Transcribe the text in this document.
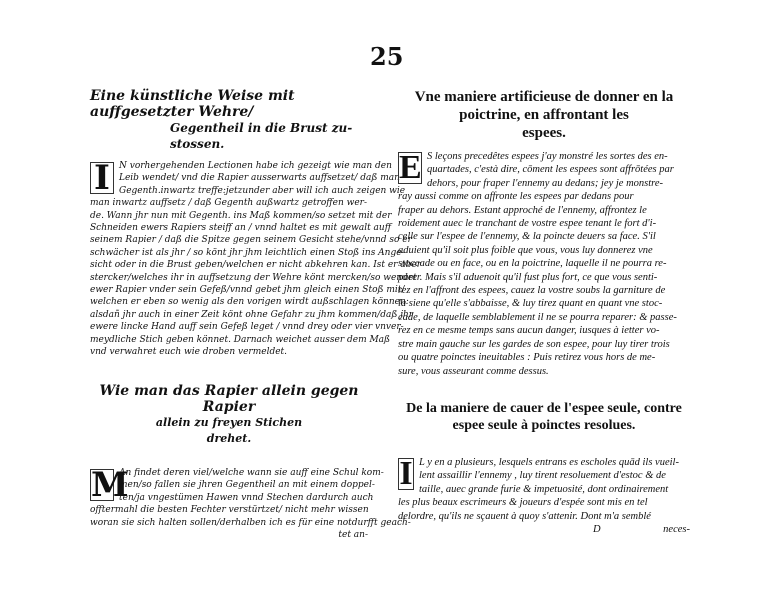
25
Eine künstliche Weise mit auffgesetzter Wehre/
Gegentheil in die Brust zu-
stossen.
I	N vorhergehenden Lectionen habe ich gezeigt wie man den
Leib wendet/ vnd die Rapier ausserwarts auffsetzet/ daß man
Gegenth.inwartz treffe:jetzunder aber will ich auch zeigen wie
man inwartz auffsetz / daß Gegenth außwartz getroffen wer-
de. Wann jhr nun mit Gegenth. ins Maß kommen/so setzet mit der
Schneiden ewers Rapiers steiff an / vnnd haltet es mit gewalt auff
seinem Rapier / daß die Spitze gegen seinem Gesicht stehe/vnnd so er
schwächer ist als jhr / so könt jhr jhm leichtlich einen Stoß ins Ange-
sicht oder in die Brust geben/welchen er nicht abkehren kan. Ist er aber
stercker/welches ihr in auffsetzung der Wehre könt mercken/so wendet
ewer Rapier vnder sein Gefeß/vnnd gebet jhm gleich einen Stoß mit/
welchen er eben so wenig als den vorigen wirdt außschlagen können:
alsdañ jhr auch in einer Zeit könt ohne Gefahr zu jhm kommen/daß jhr
ewere lincke Hand auff sein Gefeß leget / vnnd drey oder vier vnver-
meydliche Stich geben könnet. Darnach weichet ausser dem Maß
vnd verwahret euch wie droben vermeldet.
Vne maniere artificieuse de donner en la
poictrine, en affrontant les
espees.
E S leçons precedêtes espees j'ay monstré les sortes des en-
quartades, c'està dire, cōment les espees sont affrōtées par
dehors, pour fraper l'ennemy au dedans; jey je monstre-
ray aussi comme on affronte les espees par dedans pour
fraper au dehors. Estant approché de l'ennemy, affrontez le
roidement auec le tranchant de vostre espee tenant le fort d'i-
celle sur l'espee de l'ennemy, & la poincte deuers sa face. S'il
aduient qu'il soit plus foible que vous, vous luy donnerez vne
stoccade ou en face, ou en la poictrine, laquelle il ne pourra re-
parer. Mais s'il aduenoit qu'il fust plus fort, ce que vous senti-
rez en l'affront des espees, cauez la vostre soubs la garniture de
la siene qu'elle s'abbaisse, & luy tirez quant en quant vne stoc-
cade, de laquelle semblablement il ne se pourra reparer: & passe-
rez en ce mesme temps sans aucun danger, iusques à ietter vo-
stre main gauche sur les gardes de son espee, pour luy tirer trois
ou quatre poinctes ineuitables : Puis retirez vous hors de me-
sure, vous asseurant comme dessus.
Wie man das Rapier allein gegen Rapier
allein zu freyen Stichen
drehet.
M
An findet deren viel/welche wann sie auff eine Schul kom-
men/so fallen sie jhren Gegentheil an mit einem doppel-
ten/ja vngestümen Hawen vnnd Stechen dardurch auch
offtermahl die besten Fechter verstürtzet/ nicht mehr wissen
woran sie sich halten sollen/derhalben ich es für eine notdurfft geach-
tet an-
De la maniere de cauer de l'espee seule, contre
espee seule à poinctes resolues.
I L y en a plusieurs, lesquels entrans es escholes quād ils vueil-
lent assaillir l'ennemy , luy tirent resoluement d'estoc & de
taille, auec grande furie & impetuosité, dont ordinairement
les plus beaux escrimeurs & joueurs d'espée sont mis en tel
delordre, qu'ils ne sçauent à quoy s'attenir. Dont m'a semblé
D	neces-
